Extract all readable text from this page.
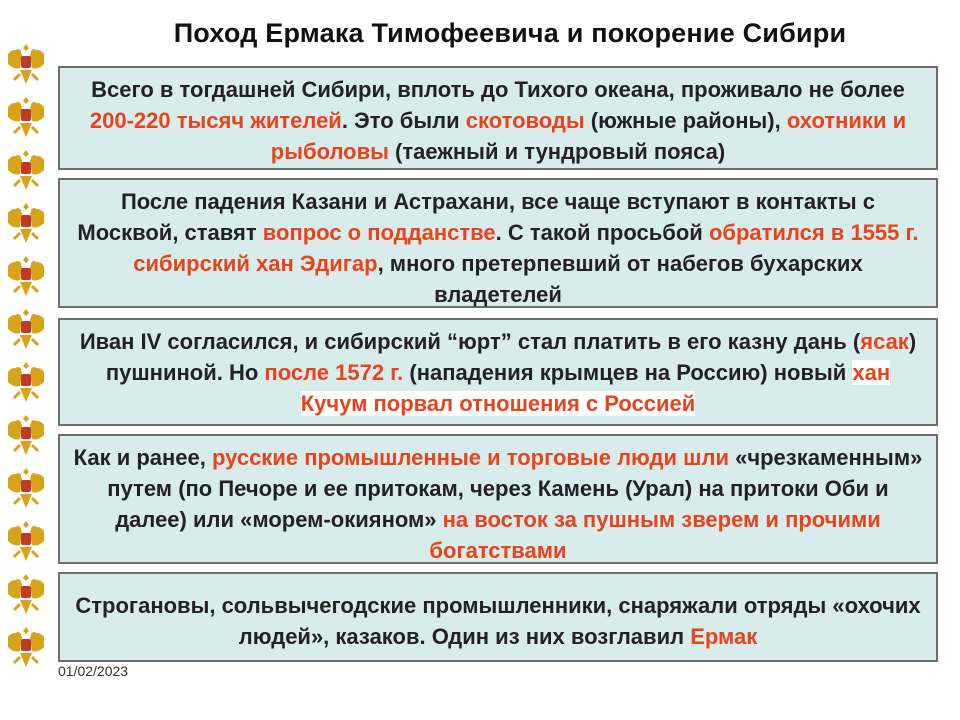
Поход Ермака Тимофеевича и покорение Сибири
Всего в тогдашней Сибири, вплоть до Тихого океана, проживало не более 200-220 тысяч жителей. Это были скотоводы (южные районы), охотники и рыболовы (таежный и тундровый пояса)
После падения Казани и Астрахани, все чаще вступают в контакты с Москвой, ставят вопрос о подданстве. С такой просьбой обратился в 1555 г. сибирский хан Эдигар, много претерпевший от набегов бухарских владетелей
Иван IV согласился, и сибирский “юрт” стал платить в его казну дань (ясак) пушниной. Но после 1572 г. (нападения крымцев на Россию) новый хан Кучум порвал отношения с Россией
Как и ранее, русские промышленные и торговые люди шли «чрезкаменным» путем (по Печоре и ее притокам, через Камень (Урал) на притоки Оби и далее) или «морем-окияном» на восток за пушным зверем и прочими богатствами
Строгановы, сольвычегодские промышленники, снаряжали отряды «охочих людей», казаков. Один из них возглавил Ермак
01/02/2023
